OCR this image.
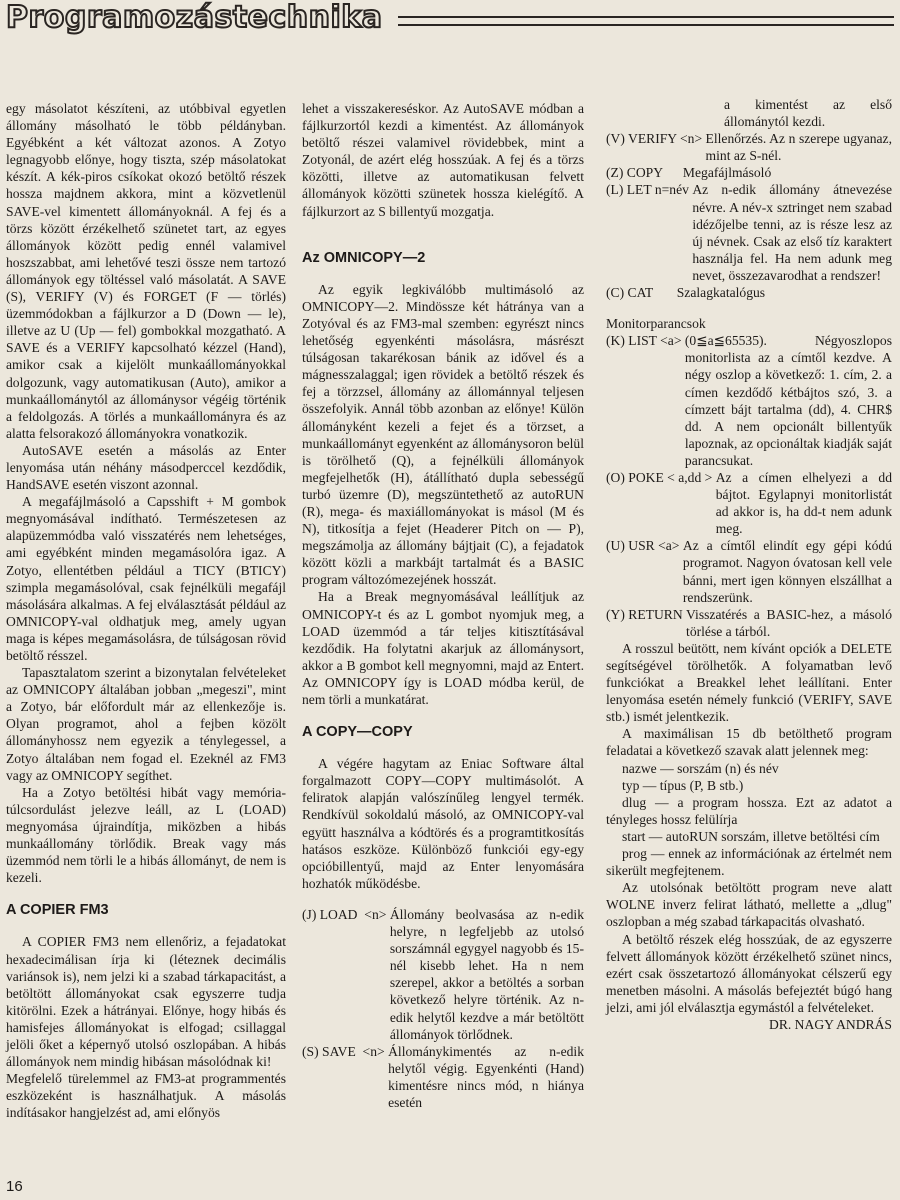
Programozástechnika

egy másolatot készíteni, az utóbbival egyetlen állomány másolható le több példányban. Egyébként a két változat azonos. A Zotyo legnagyobb előnye, hogy tiszta, szép másolatokat készít. A kék-piros csíkokat okozó betöltő részek hossza majdnem akkora, mint a közvetlenül SAVE-vel kimentett állományoknál. A fej és a törzs között érzékelhető szünetet tart, az egyes állományok között pedig ennél valamivel hoszszabbat, ami lehetővé teszi össze nem tartozó állományok egy töltéssel való másolatát. A SAVE (S), VERIFY (V) és FORGET (F — törlés) üzemmódokban a fájlkurzor a D (Down — le), illetve az U (Up — fel) gombokkal mozgatható. A SAVE és a VERIFY kapcsolható kézzel (Hand), amikor csak a kijelölt munkaállományokkal dolgozunk, vagy automatikusan (Auto), amikor a munkaállománytól az állománysor végéig történik a feldolgozás. A törlés a munkaállományra és az alatta felsorakozó állományokra vonatkozik.

AutoSAVE esetén a másolás az Enter lenyomása után néhány másodperccel kezdődik, HandSAVE esetén viszont azonnal.

A megafájlmásoló a Capsshift + M gombok megnyomásával indítható. Természetesen az alapüzemmódba való visszatérés nem lehetséges, ami egyébként minden megamásolóra igaz. A Zotyo, ellentétben például a TICY (BTICY) szimpla megamásolóval, csak fejnélküli megafájl másolására alkalmas. A fej elválasztását például az OMNICOPY-val oldhatjuk meg, amely ugyan maga is képes megamásolásra, de túlságosan rövid betöltő résszel.

Tapasztalatom szerint a bizonytalan felvételeket az OMNICOPY általában jobban „megeszi", mint a Zotyo, bár előfordult már az ellenkezője is. Olyan programot, ahol a fejben közölt állományhossz nem egyezik a ténylegessel, a Zotyo általában nem fogad el. Ezeknél az FM3 vagy az OMNICOPY segíthet.

Ha a Zotyo betöltési hibát vagy memória-túlcsordulást jelezve leáll, az L (LOAD) megnyomása újraindítja, miközben a hibás munkaállomány törlődik. Break vagy más üzemmód nem törli le a hibás állományt, de nem is kezeli.

A COPIER FM3

A COPIER FM3 nem ellenőriz, a fejadatokat hexadecimálisan írja ki (léteznek decimális variánsok is), nem jelzi ki a szabad tárkapacitást, a betöltött állományokat csak egyszerre tudja kitörölni. Ezek a hátrányai. Előnye, hogy hibás és hamisfejes állományokat is elfogad; csillaggal jelöli őket a képernyő utolsó oszlopában. A hibás állományok nem mindig hibásan másolódnak ki!

Megfelelő türelemmel az FM3-at programmentés eszközeként is használhatjuk. A másolás indításakor hangjelzést ad, ami előnyös

lehet a visszakereséskor. Az AutoSAVE módban a fájlkurzortól kezdi a kimentést. Az állományok betöltő részei valamivel rövidebbek, mint a Zotyonál, de azért elég hosszúak. A fej és a törzs közötti, illetve az automatikusan felvett állományok közötti szünetek hossza kielégítő. A fájlkurzort az S billentyű mozgatja.

Az OMNICOPY—2

Az egyik legkiválóbb multimásoló az OMNICOPY—2. Mindössze két hátránya van a Zotyóval és az FM3-mal szemben: egyrészt nincs lehetőség egyenkénti másolásra, másrészt túlságosan takarékosan bánik az idővel és a mágnesszalaggal; igen rövidek a betöltő részek és fej a törzzsel, állomány az állománnyal teljesen összefolyik. Annál több azonban az előnye! Külön állományként kezeli a fejet és a törzset, a munkaállományt egyenként az állománysoron belül is törölhető (Q), a fejnélküli állományok megfejelhetők (H), átállítható dupla sebességű turbó üzemre (D), megszüntethető az autoRUN (R), mega- és maxiállományokat is másol (M és N), titkosítja a fejet (Headerer Pitch on — P), megszámolja az állomány bájtjait (C), a fejadatok között közli a markbájt tartalmát és a BASIC program változómezejének hosszát.

Ha a Break megnyomásával leállítjuk az OMNICOPY-t és az L gombot nyomjuk meg, a LOAD üzemmód a tár teljes kitisztításával kezdődik. Ha folytatni akarjuk az állománysort, akkor a B gombot kell megnyomni, majd az Entert. Az OMNICOPY így is LOAD módba kerül, de nem törli a munkatárat.

A COPY—COPY

A végére hagytam az Eniac Software által forgalmazott COPY—COPY multimásolót. A feliratok alapján valószínűleg lengyel termék. Rendkívül sokoldalú másoló, az OMNICOPY-val együtt használva a kódtörés és a programtitkosítás hatásos eszköze. Különböző funkciói egy-egy opcióbillentyű, majd az Enter lenyomására hozhatók működésbe.

(J) LOAD  <n> Állomány beolvasása az n-edik helyre, n legfeljebb az utolsó sorszámnál egygyel nagyobb és 15-nél kisebb lehet. Ha n nem szerepel, akkor a betöltés a sorban következő helyre történik. Az n-edik helytől kezdve a már betöltött állományok törlődnek.
(S) SAVE  <n> Állománykimentés az n-edik helytől végig. Egyenkénti (Hand) kimentésre nincs mód, n hiánya esetén
a kimentést az első állománytól kezdi.
(V) VERIFY <n> Ellenőrzés. Az n szerepe ugyanaz, mint az S-nél.
(Z) COPY Megafájlmásoló
(L) LET n=név Az n-edik állomány átnevezése névre. A név-x sztringet nem szabad idézőjelbe tenni, az is része lesz az új névnek. Csak az első tíz karaktert használja fel. Ha nem adunk meg nevet, összezavarodhat a rendszer!
(C) CAT Szalagkatalógus

Monitorparancsok

(K) LIST <a> (0≦a≦65535). Négyoszlopos monitorlista az a címtől kezdve. A négy oszlop a következő: 1. cím, 2. a címen kezdődő kétbájtos szó, 3. a címzett bájt tartalma (dd), 4. CHR$ dd. A nem opcionált billentyűk lapoznak, az opcionáltak kiadják saját parancsukat.
(O) POKE < a,dd > Az a címen elhelyezi a dd bájtot. Egylapnyi monitorlistát ad akkor is, ha dd-t nem adunk meg.
(U) USR <a> Az a címtől elindít egy gépi kódú programot. Nagyon óvatosan kell vele bánni, mert igen könnyen elszállhat a rendszerünk.
(Y) RETURN Visszatérés a BASIC-hez, a másoló törlése a tárból.

A rosszul beütött, nem kívánt opciók a DELETE segítségével törölhetők. A folyamatban levő funkciókat a Breakkel lehet leállítani. Enter lenyomása esetén némely funkció (VERIFY, SAVE stb.) ismét jelentkezik.

A maximálisan 15 db betölthető program feladatai a következő szavak alatt jelennek meg:

nazwe — sorszám (n) és név

typ — típus (P, B stb.)

dlug — a program hossza. Ezt az adatot a tényleges hossz felülírja

start — autoRUN sorszám, illetve betöltési cím

prog — ennek az információnak az értelmét nem sikerült megfejtenem.

Az utolsónak betöltött program neve alatt WOLNE inverz felirat látható, mellette a „dlug" oszlopban a még szabad tárkapacitás olvasható.

A betöltő részek elég hosszúak, de az egyszerre felvett állományok között érzékelhető szünet nincs, ezért csak összetartozó állományokat célszerű egy menetben másolni. A másolás befejeztét búgó hang jelzi, ami jól elválasztja egymástól a felvételeket.

DR. NAGY ANDRÁS

16
